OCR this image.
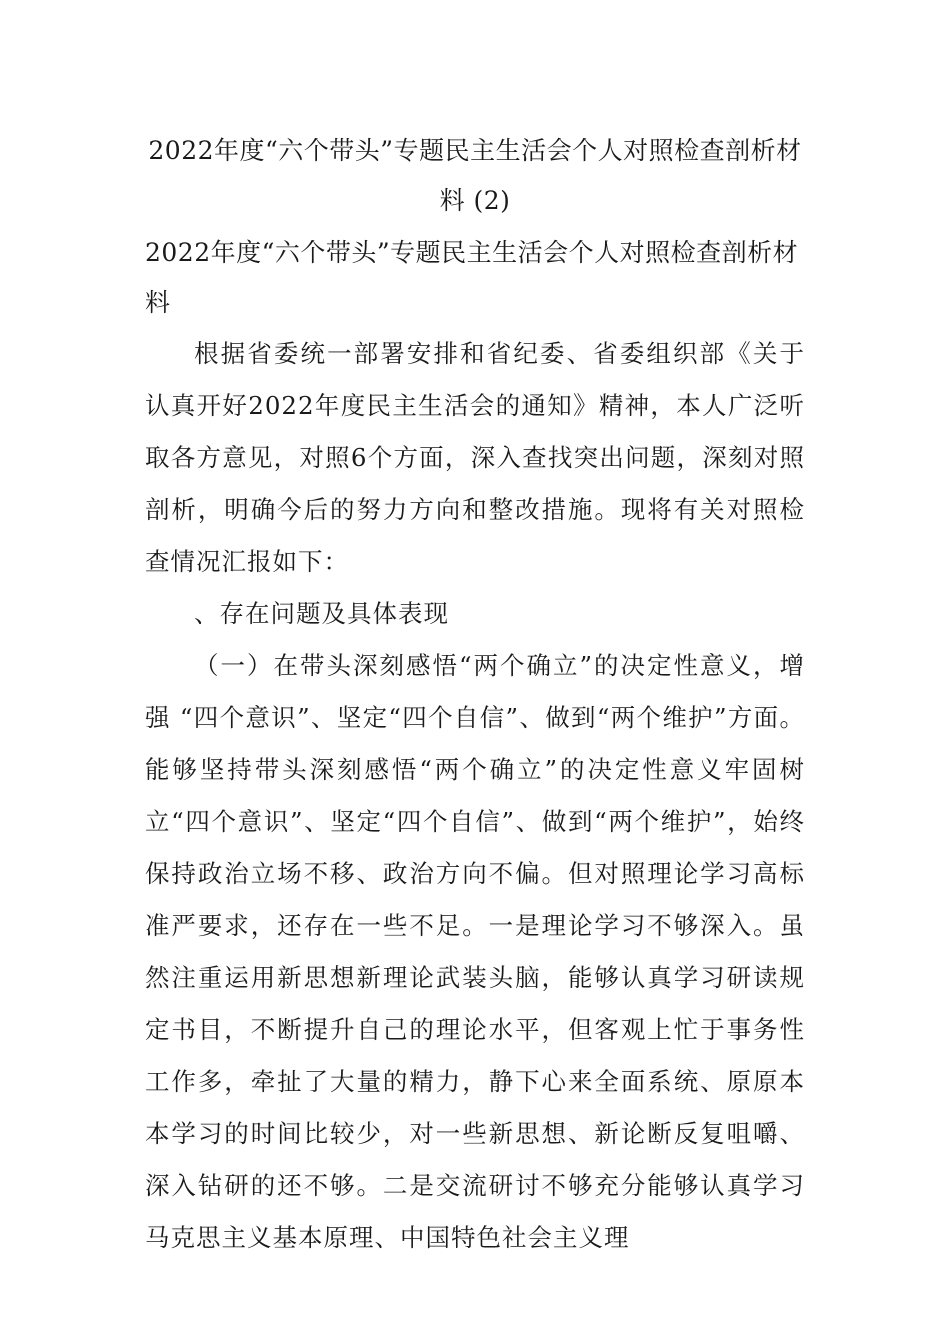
2022年度“六个带头”专题民主生活会个人对照检查剖析材料 (2)
2022年度“六个带头”专题民主生活会个人对照检查剖析材料

根据省委统一部署安排和省纪委、省委组织部《关于认真开好2022年度民主生活会的通知》精神，本人广泛听取各方意见，对照6个方面，深入查找突出问题，深刻对照剖析，明确今后的努力方向和整改措施。现将有关对照检查情况汇报如下：

、存在问题及具体表现

（一）在带头深刻感悟“两个确立”的决定性意义，增强 “四个意识”、坚定“四个自信”、做到“两个维护”方面。能够坚持带头深刻感悟“两个确立”的决定性意义牢固树立“四个意识”、坚定“四个自信”、做到“两个维护”，始终保持政治立场不移、政治方向不偏。但对照理论学习高标准严要求，还存在一些不足。一是理论学习不够深入。虽然注重运用新思想新理论武装头脑，能够认真学习研读规定书目，不断提升自己的理论水平，但客观上忙于事务性工作多，牵扯了大量的精力，静下心来全面系统、原原本本学习的时间比较少，对一些新思想、新论断反复咀嚼、深入钻研的还不够。二是交流研讨不够充分能够认真学习马克思主义基本原理、中国特色社会主义理
